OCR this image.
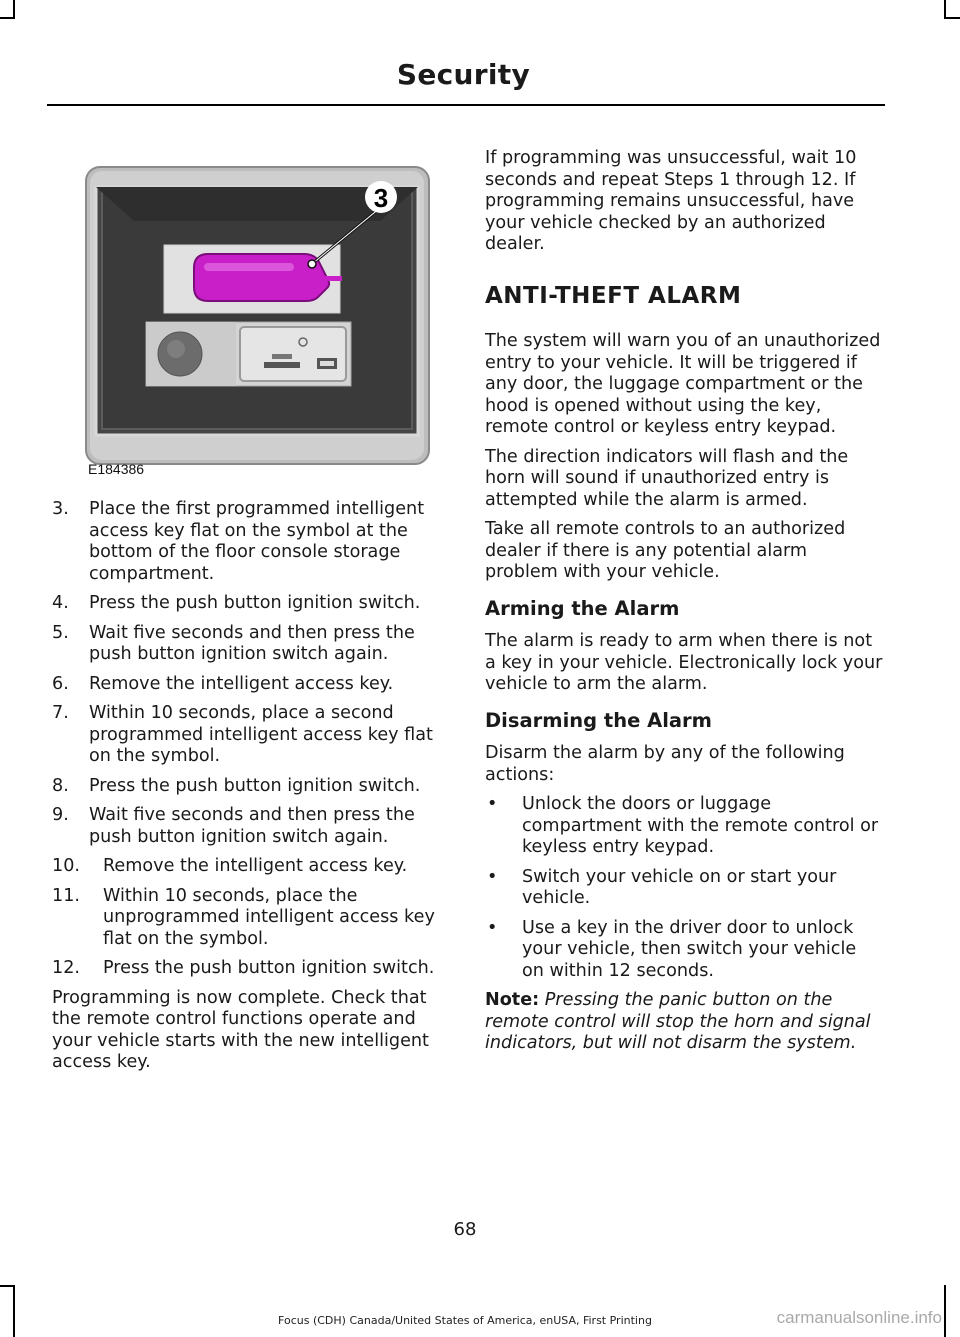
Security
3
E184386
3.	Place the first programmed intelligent access key flat on the symbol at the bottom of the floor console storage compartment.
4.	Press the push button ignition switch.
5.	Wait five seconds and then press the push button ignition switch again.
6.	Remove the intelligent access key.
7.	Within 10 seconds, place a second programmed intelligent access key flat on the symbol.
8.	Press the push button ignition switch.
9.	Wait five seconds and then press the push button ignition switch again.
10.	Remove the intelligent access key.
11.	Within 10 seconds, place the unprogrammed intelligent access key flat on the symbol.
12.	Press the push button ignition switch.

Programming is now complete. Check that the remote control functions operate and your vehicle starts with the new intelligent access key.

If programming was unsuccessful, wait 10 seconds and repeat Steps 1 through 12. If programming remains unsuccessful, have your vehicle checked by an authorized dealer.

ANTI-THEFT ALARM

The system will warn you of an unauthorized entry to your vehicle. It will be triggered if any door, the luggage compartment or the hood is opened without using the key, remote control or keyless entry keypad.

The direction indicators will flash and the horn will sound if unauthorized entry is attempted while the alarm is armed.

Take all remote controls to an authorized dealer if there is any potential alarm problem with your vehicle.

Arming the Alarm

The alarm is ready to arm when there is not a key in your vehicle. Electronically lock your vehicle to arm the alarm.

Disarming the Alarm

Disarm the alarm by any of the following actions:

•	Unlock the doors or luggage compartment with the remote control or keyless entry keypad.
•	Switch your vehicle on or start your vehicle.
•	Use a key in the driver door to unlock your vehicle, then switch your vehicle on within 12 seconds.

Note: Pressing the panic button on the remote control will stop the horn and signal indicators, but will not disarm the system.

68
Focus (CDH) Canada/United States of America, enUSA, First Printing	carmanualsonline.info
